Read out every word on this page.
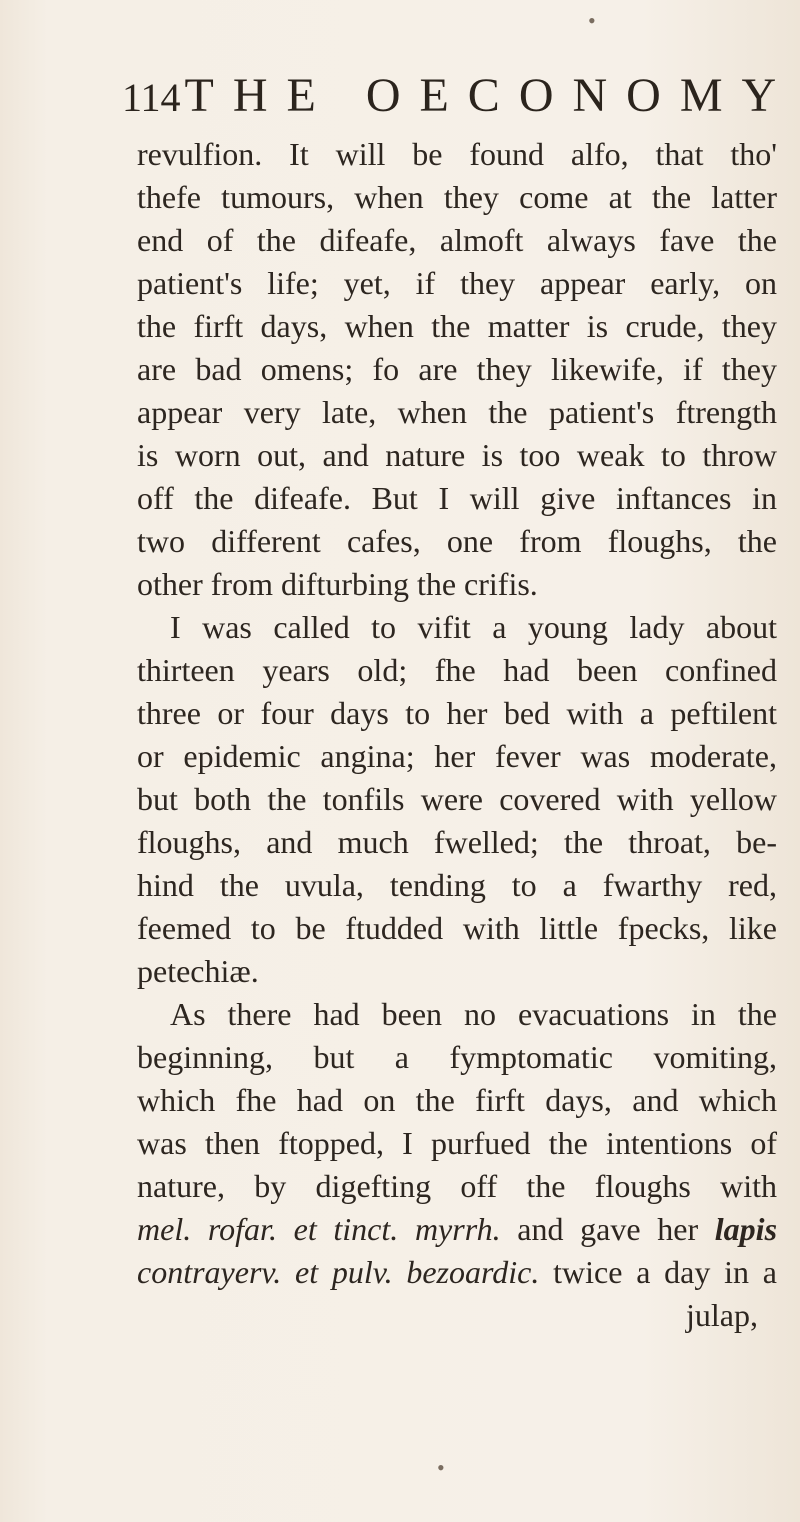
114THE OECONOMY
revulfion. It will be found alfo, that tho'
thefe tumours, when they come at the latter
end of the difeafe, almoft always fave the
patient's life; yet, if they appear early, on
the firft days, when the matter is crude, they
are bad omens; fo are they likewife, if they
appear very late, when the patient's ftrength
is worn out, and nature is too weak to throw
off the difeafe. But I will give inftances in
two different cafes, one from floughs, the
other from difturbing the crifis.
I was called to vifit a young lady about
thirteen years old; fhe had been confined
three or four days to her bed with a peftilent
or epidemic angina; her fever was moderate,
but both the tonfils were covered with yellow
floughs, and much fwelled; the throat, be-
hind the uvula, tending to a fwarthy red,
feemed to be ftudded with little fpecks, like
petechiæ.
As there had been no evacuations in the
beginning, but a fymptomatic vomiting,
which fhe had on the firft days, and which
was then ftopped, I purfued the intentions of
nature, by digefting off the floughs with
mel. rofar. et tinct. myrrh. and gave her lapis
contrayerv. et pulv. bezoardic. twice a day in a
julap,
•
•
